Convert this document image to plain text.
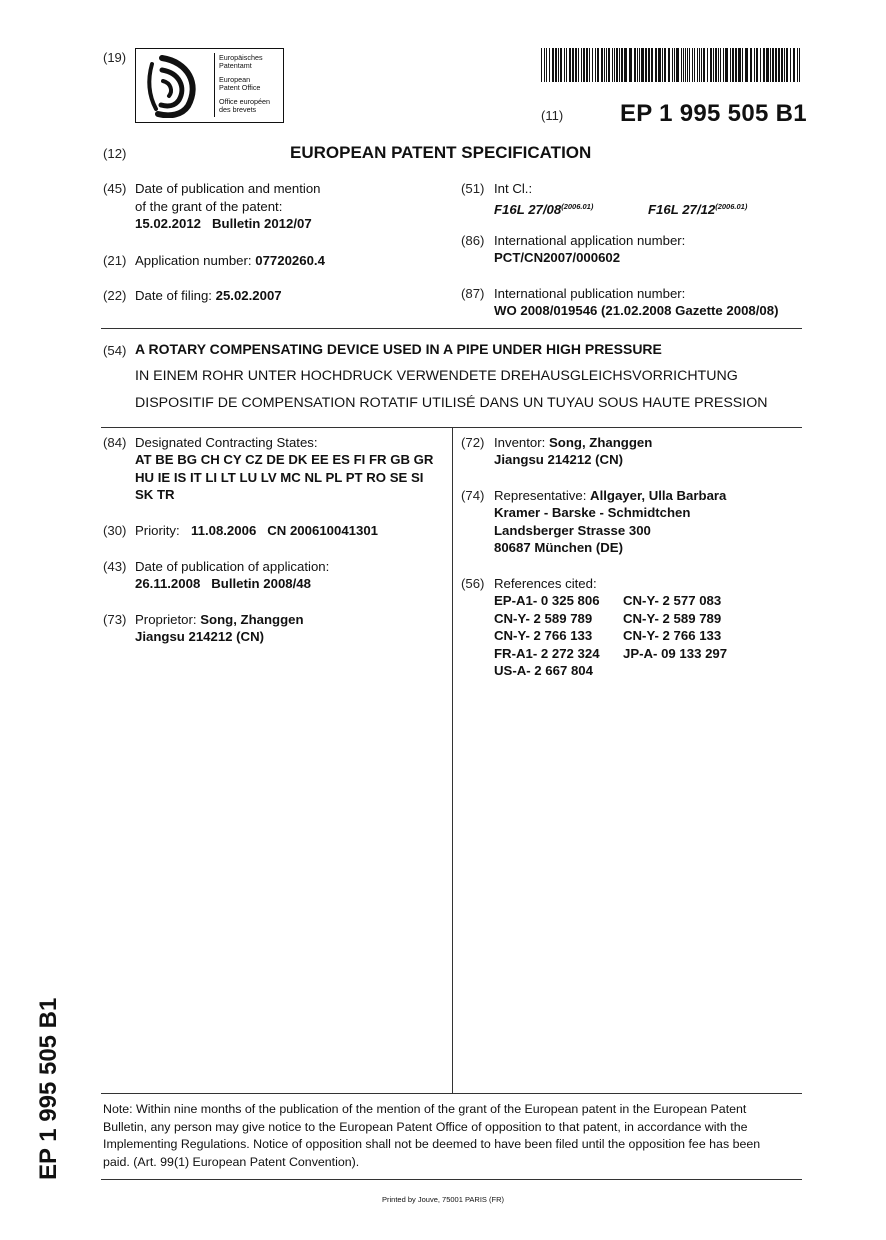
(19)	Europäisches
Patentamt
European
Patent Office
Office européen
des brevets	(11) EP 1 995 505 B1
(12)	EUROPEAN PATENT SPECIFICATION
(45) Date of publication and mention
of the grant of the patent:
15.02.2012   Bulletin 2012/07
(21) Application number: 07720260.4
(22) Date of filing: 25.02.2007
(51) Int Cl.:
F16L $27/08^{(2006.01)}$	F16L $27/12^{(2006.01)}$
(86) International application number:
PCT/CN2007/000602
(87) International publication number:
WO 2008/019546 (21.02.2008 Gazette 2008/08)
(54) A ROTARY COMPENSATING DEVICE USED IN A PIPE UNDER HIGH PRESSURE
IN EINEM ROHR UNTER HOCHDRUCK VERWENDETE DREHAUSGLEICHSVORRICHTUNG
DISPOSITIF DE COMPENSATION ROTATIF UTILISÉ DANS UN TUYAU SOUS HAUTE PRESSION
(84) Designated Contracting States:
AT BE BG CH CY CZ DE DK EE ES FI FR GB GR
HU IE IS IT LI LT LU LV MC NL PL PT RO SE SI
SK TR
(30) Priority: 11.08.2006   CN 200610041301
(43) Date of publication of application:
26.11.2008   Bulletin 2008/48
(73) Proprietor: Song, Zhanggen
Jiangsu 214212 (CN)
(72) Inventor: Song, Zhanggen
Jiangsu 214212 (CN)
(74) Representative: Allgayer, Ulla Barbara
Kramer - Barske - Schmidtchen
Landsberger Strasse 300
80687 München (DE)
(56) References cited:
EP-A1- 0 325 806	CN-Y- 2 577 083
CN-Y- 2 589 789	CN-Y- 2 589 789
CN-Y- 2 766 133	CN-Y- 2 766 133
FR-A1- 2 272 324	JP-A- 09 133 297
US-A- 2 667 804	
EP 1 995 505 B1	Note: Within nine months of the publication of the mention of the grant of the European patent in the European Patent
Bulletin, any person may give notice to the European Patent Office of opposition to that patent, in accordance with the
Implementing Regulations. Notice of opposition shall not be deemed to have been filed until the opposition fee has been
paid. (Art. 99(1) European Patent Convention).
Printed by Jouve, 75001 PARIS (FR)
